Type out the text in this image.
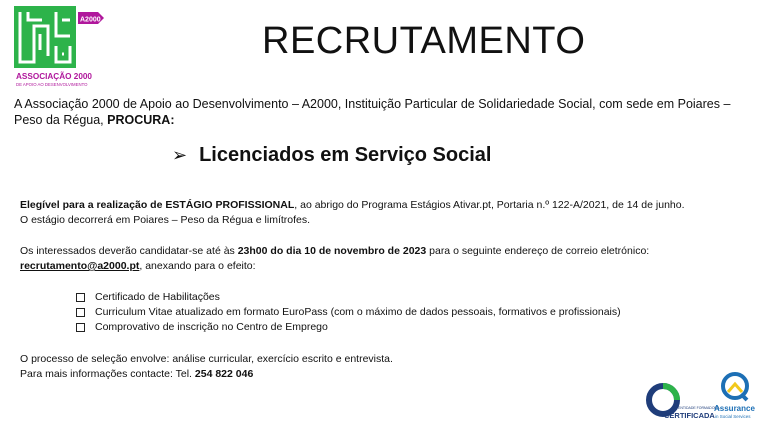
A2000
ASSOCIAÇÃO 2000
DE APOIO AO DESENVOLVIMENTO
RECRUTAMENTO
A Associação 2000 de Apoio ao Desenvolvimento – A2000, Instituição Particular de Solidariedade Social, com sede em Poiares – Peso da Régua, PROCURA:
➢ Licenciados em Serviço Social
Elegível para a realização de ESTÁGIO PROFISSIONAL, ao abrigo do Programa Estágios Ativar.pt, Portaria n.º 122-A/2021, de 14 de junho.
O estágio decorrerá em Poiares – Peso da Régua e limítrofes.
Os interessados deverão candidatar-se até às 23h00 do dia 10 de novembro de 2023 para o seguinte endereço de correio eletrónico:
recrutamento@a2000.pt, anexando para o efeito:
Certificado de Habilitações
Curriculum Vitae atualizado em formato EuroPass (com o máximo de dados pessoais, formativos e profissionais)
Comprovativo de inscrição no Centro de Emprego
O processo de seleção envolve: análise curricular, exercício escrito e entrevista.
Para mais informações contacte: Tel. 254 822 046
ENTIDADE FORMADORA
CERTIFICADA
Assurance
in Social Services
